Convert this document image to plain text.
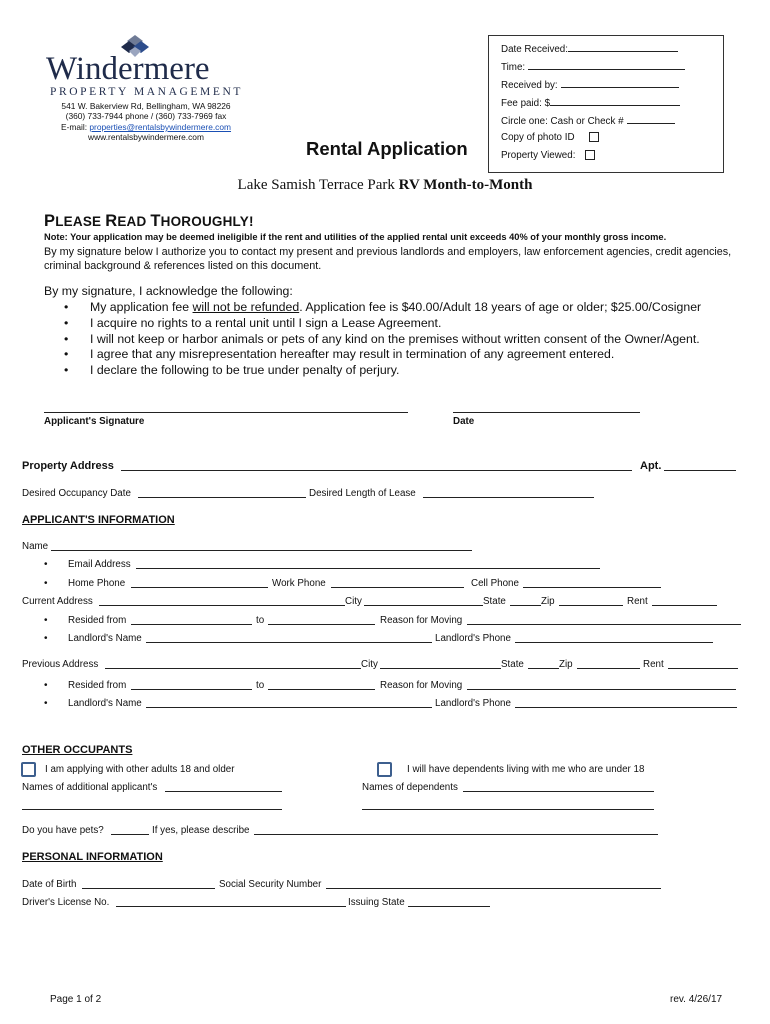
Windermere
PROPERTY MANAGEMENT
541 W. Bakerview Rd, Bellingham, WA 98226
(360) 733-7944 phone / (360) 733-7969 fax
E-mail: properties@rentalsbywindermere.com
www.rentalsbywindermere.com
Rental Application
Date Received:
Time:
Received by:
Fee paid: $
Circle one: Cash or Check #
Copy of photo ID
Property Viewed:
Lake Samish Terrace Park RV Month-to-Month
PLEASE READ THOROUGHLY!
Note: Your application may be deemed ineligible if the rent and utilities of the applied rental unit exceeds 40% of your monthly gross income.
By my signature below I authorize you to contact my present and previous landlords and employers, law enforcement agencies, credit agencies, criminal background & references listed on this document.
By my signature, I acknowledge the following:
• My application fee will not be refunded. Application fee is $40.00/Adult 18 years of age or older; $25.00/Cosigner
• I acquire no rights to a rental unit until I sign a Lease Agreement.
• I will not keep or harbor animals or pets of any kind on the premises without written consent of the Owner/Agent.
• I agree that any misrepresentation hereafter may result in termination of any agreement entered.
• I declare the following to be true under penalty of perjury.
Applicant's Signature	Date
Property Address	Apt.
Desired Occupancy Date	Desired Length of Lease
APPLICANT'S INFORMATION
Name
• Email Address
• Home Phone	Work Phone	Cell Phone
Current Address	City	State	Zip	Rent
• Resided from	to	Reason for Moving
• Landlord's Name	Landlord's Phone
Previous Address	City	State	Zip	Rent
• Resided from	to	Reason for Moving
• Landlord's Name	Landlord's Phone
OTHER OCCUPANTS
I am applying with other adults 18 and older	I will have dependents living with me who are under 18
Names of additional applicant's	Names of dependents
Do you have pets?	If yes, please describe
PERSONAL INFORMATION
Date of Birth	Social Security Number
Driver's License No.	Issuing State
Page 1 of 2	rev. 4/26/17
